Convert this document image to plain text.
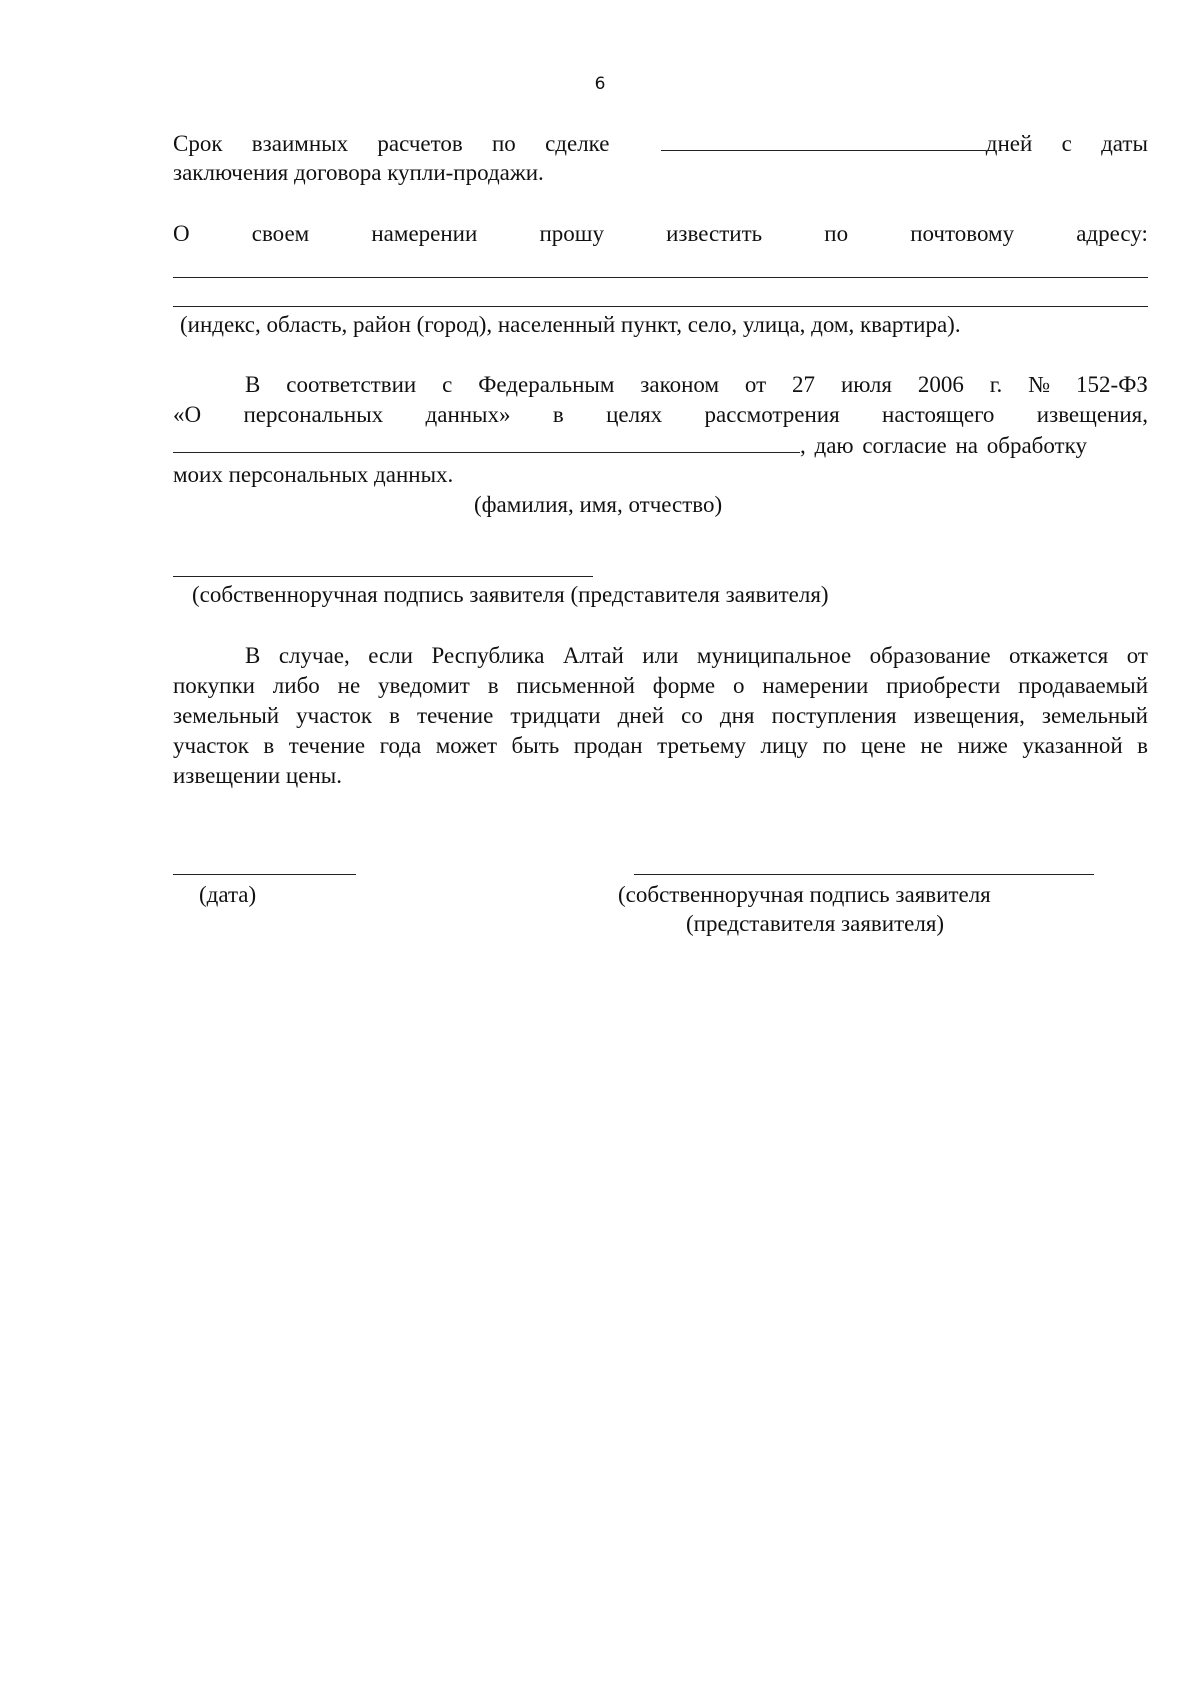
6
Срок взаимных расчетов по сделке	дней с даты
заключения договора купли-продажи.
О	своем	намерении	прошу	известить	по	почтовому	адресу:
(индекс, область, район (город), населенный пункт, село, улица, дом, квартира).
В соответствии с Федеральным законом от 27 июля 2006 г. № 152-ФЗ
«О персональных данных» в целях рассмотрения настоящего извещения,
, даю согласие на обработку
моих персональных данных.
(фамилия, имя, отчество)
(собственноручная подпись заявителя (представителя заявителя)
В случае, если Республика Алтай или муниципальное образование откажется от
покупки либо не уведомит в письменной форме о намерении приобрести продаваемый
земельный участок в течение тридцати дней со дня поступления извещения, земельный
участок в течение года может быть продан третьему лицу по цене не ниже указанной в
извещении цены.
(дата)	(собственноручная подпись заявителя
(представителя заявителя)
